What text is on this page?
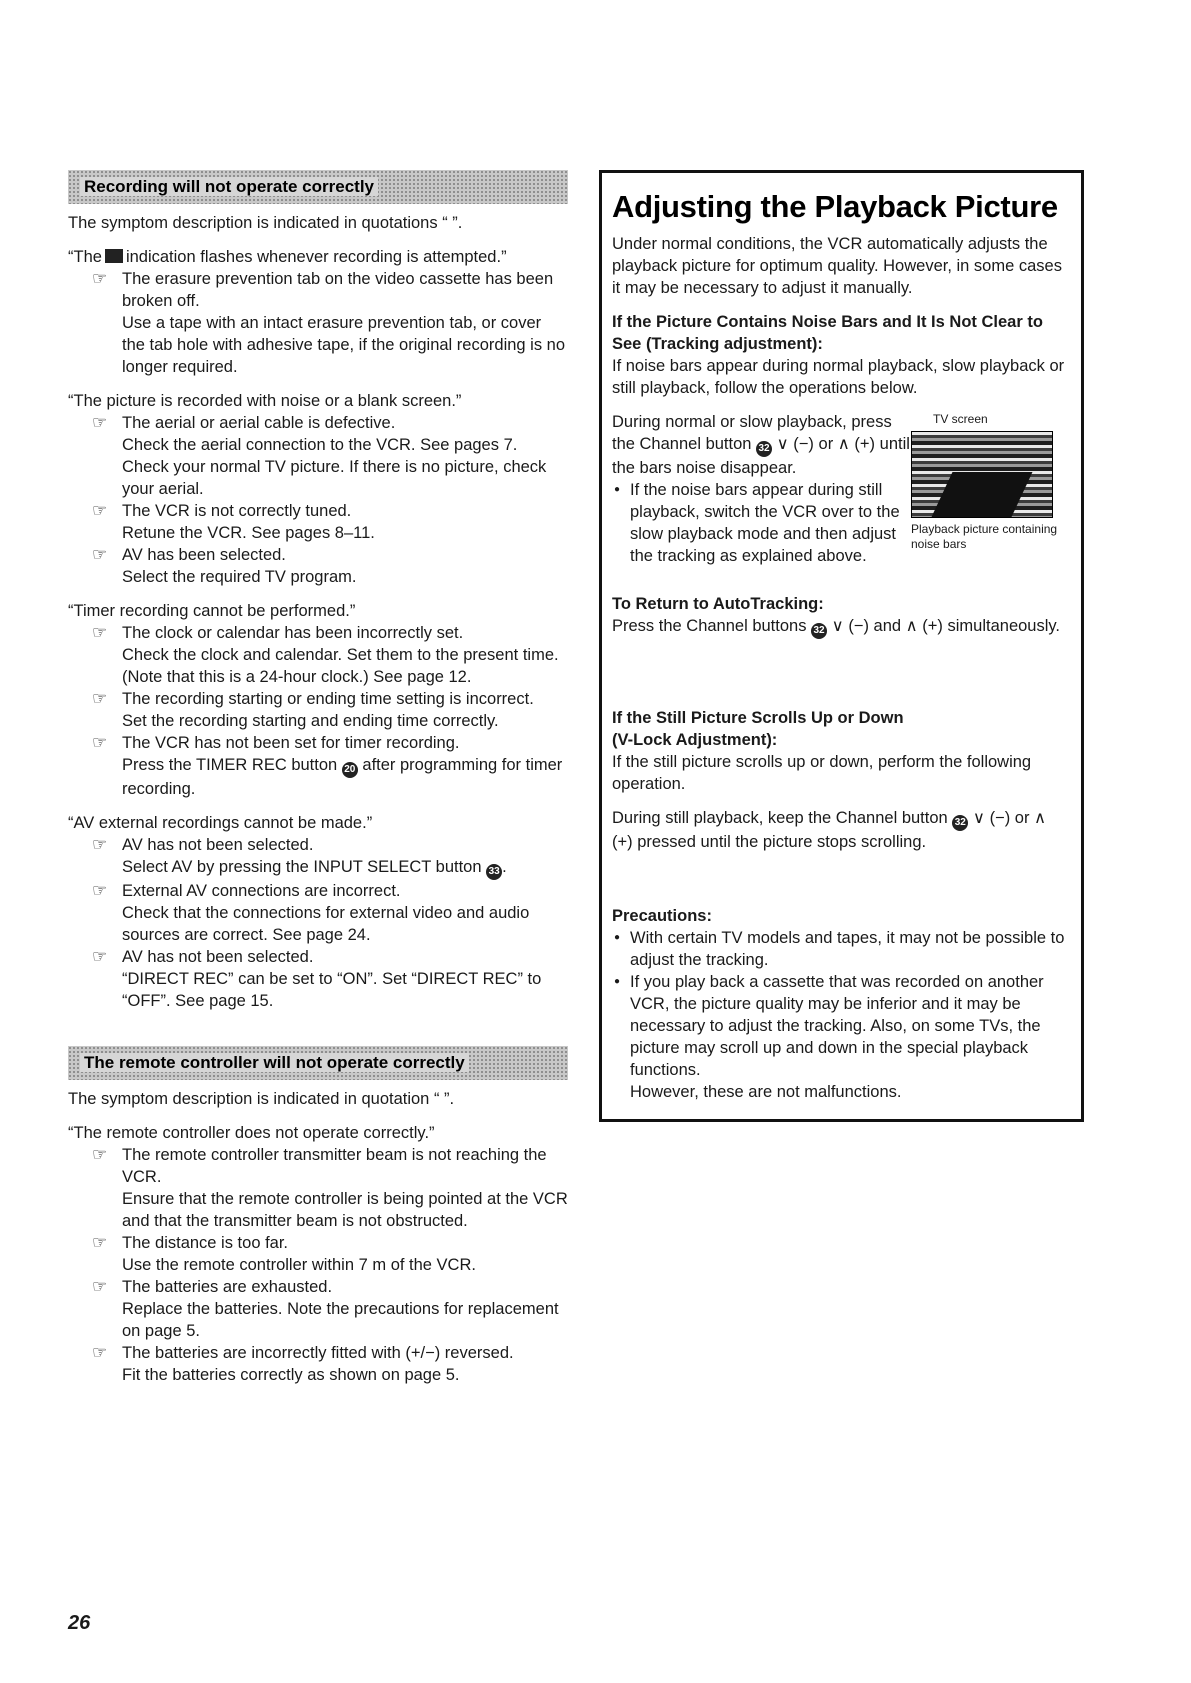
Recording will not operate correctly

The symptom description is indicated in quotations “ ”.

“The indication flashes whenever recording is attempted.”

☞ The erasure prevention tab on the video cassette has been broken off.

Use a tape with an intact erasure prevention tab, or cover the tab hole with adhesive tape, if the original recording is no longer required.

“The picture is recorded with noise or a blank screen.”

☞ The aerial or aerial cable is defective.

Check the aerial connection to the VCR. See pages 7. Check your normal TV picture. If there is no picture, check your aerial.

☞ The VCR is not correctly tuned.

Retune the VCR. See pages 8–11.

☞ AV has been selected.

Select the required TV program.

“Timer recording cannot be performed.”

☞ The clock or calendar has been incorrectly set.

Check the clock and calendar. Set them to the present time. (Note that this is a 24-hour clock.) See page 12.

☞ The recording starting or ending time setting is incorrect.

Set the recording starting and ending time correctly.

☞ The VCR has not been set for timer recording.

Press the TIMER REC button 20 after programming for timer recording.

“AV external recordings cannot be made.”

☞ AV has not been selected.

Select AV by pressing the INPUT SELECT button 33 .

☞ External AV connections are incorrect.

Check that the connections for external video and audio sources are correct. See page 24.

☞ AV has not been selected.

“DIRECT REC” can be set to “ON”. Set “DIRECT REC” to “OFF”. See page 15.

The remote controller will not operate correctly

The symptom description is indicated in quotation “ ”.

“The remote controller does not operate correctly.”

☞ The remote controller transmitter beam is not reaching the VCR.

Ensure that the remote controller is being pointed at the VCR and that the transmitter beam is not obstructed.

☞ The distance is too far.

Use the remote controller within 7 m of the VCR.

☞ The batteries are exhausted.

Replace the batteries. Note the precautions for replacement on page 5.

☞ The batteries are incorrectly fitted with (+/−) reversed.

Fit the batteries correctly as shown on page 5.

Adjusting the Playback Picture

Under normal conditions, the VCR automatically adjusts the playback picture for optimum quality. However, in some cases it may be necessary to adjust it manually.

If the Picture Contains Noise Bars and It Is Not Clear to See (Tracking adjustment):

If noise bars appear during normal playback, slow playback or still playback, follow the operations below.

During normal or slow playback, press the Channel button 32 ∨ (−) or ∧ (+) until the bars noise disappear.

● If the noise bars appear during still playback, switch the VCR over to the slow playback mode and then adjust the tracking as explained above.

TV screen
Playback picture containing noise bars

To Return to AutoTracking:

Press the Channel buttons 32 ∨ (−) and ∧ (+) simultaneously.

If the Still Picture Scrolls Up or Down

(V-Lock Adjustment):

If the still picture scrolls up or down, perform the following operation.

During still playback, keep the Channel button 32 ∨ (−) or ∧ (+) pressed until the picture stops scrolling.

Precautions:

● With certain TV models and tapes, it may not be possible to adjust the tracking.

● If you play back a cassette that was recorded on another VCR, the picture quality may be inferior and it may be necessary to adjust the tracking. Also, on some TVs, the picture may scroll up and down in the special playback functions.

However, these are not malfunctions.

26
